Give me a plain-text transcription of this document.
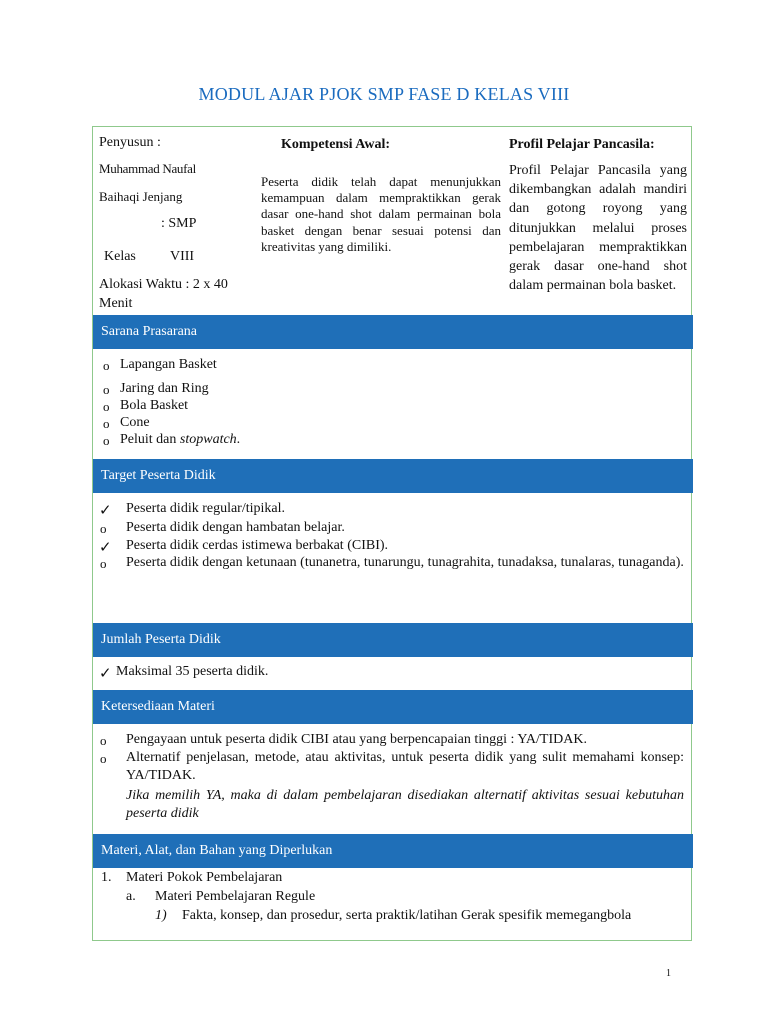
MODUL AJAR PJOK SMP FASE D KELAS VIII
Penyusun :
Muhammad Naufal
Baihaqi Jenjang
: SMP
Kelas VIII
Alokasi Waktu : 2 x 40
Menit
Kompetensi Awal:
Peserta didik telah dapat menunjukkan kemampuan dalam mempraktikkan gerak dasar one-hand shot dalam permainan bola basket dengan benar sesuai potensi dan kreativitas yang dimiliki.
Profil Pelajar Pancasila:
Profil Pelajar Pancasila yang dikembangkan adalah mandiri dan gotong royong yang ditunjukkan melalui proses pembelajaran mempraktikkan gerak dasar one-hand shot dalam permainan bola basket.
Sarana Prasarana
o Lapangan Basket
o Jaring dan Ring
o Bola Basket
o Cone
o Peluit dan stopwatch.
Target Peserta Didik
✓ Peserta didik regular/tipikal.
o Peserta didik dengan hambatan belajar.
✓ Peserta didik cerdas istimewa berbakat (CIBI).
o Peserta didik dengan ketunaan (tunanetra, tunarungu, tunagrahita, tunadaksa, tunalaras, tunaganda).
Jumlah Peserta Didik
✓ Maksimal 35 peserta didik.
Ketersediaan Materi
o Pengayaan untuk peserta didik CIBI atau yang berpencapaian tinggi : YA/TIDAK.
o Alternatif penjelasan, metode, atau aktivitas, untuk peserta didik yang sulit memahami konsep: YA/TIDAK.
Jika memilih YA, maka di dalam pembelajaran disediakan alternatif aktivitas sesuai kebutuhan peserta didik
Materi, Alat, dan Bahan yang Diperlukan
1. Materi Pokok Pembelajaran
a. Materi Pembelajaran Regule
1) Fakta, konsep, dan prosedur, serta praktik/latihan Gerak spesifik memegangbola
1
